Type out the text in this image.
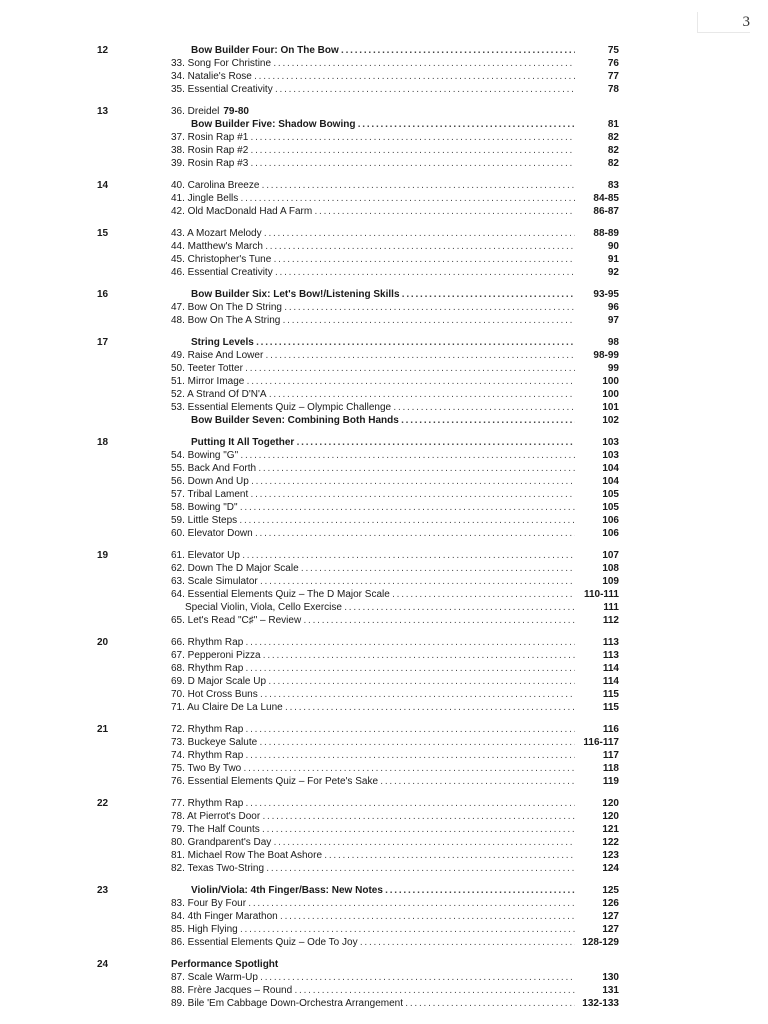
3
12	Bow Builder Four: On The Bow . . .	75
33. Song For Christine . . .	76
34. Natalie's Rose . . .	77
35. Essential Creativity . . .	78
13	36. Dreidel 79-80
Bow Builder Five: Shadow Bowing . . .	81
37. Rosin Rap #1 . . .	82
38. Rosin Rap #2 . . .	82
39. Rosin Rap #3 . . .	82
14	40. Carolina Breeze . . .	83
41. Jingle Bells . . .	84-85
42. Old MacDonald Had A Farm . . .	86-87
15	43. A Mozart Melody . . .	88-89
44. Matthew's March . . .	90
45. Christopher's Tune . . .	91
46. Essential Creativity . . .	92
16	Bow Builder Six: Let's Bow!/Listening Skills . . .	93-95
47. Bow On The D String . . .	96
48. Bow On The A String . . .	97
17	String Levels . . .	98
49. Raise And Lower . . .	98-99
50. Teeter Totter . . .	99
51. Mirror Image . . .	100
52. A Strand Of D'N'A . . .	100
53. Essential Elements Quiz – Olympic Challenge . . .	101
Bow Builder Seven: Combining Both Hands . . .	102
18	Putting It All Together . . .	103
54. Bowing "G" . . .	103
55. Back And Forth . . .	104
56. Down And Up . . .	104
57. Tribal Lament . . .	105
58. Bowing "D" . . .	105
59. Little Steps . . .	106
60. Elevator Down . . .	106
19	61. Elevator Up . . .	107
62. Down The D Major Scale . . .	108
63. Scale Simulator . . .	109
64. Essential Elements Quiz – The D Major Scale . . .	110-111
Special Violin, Viola, Cello Exercise . . .	111
65. Let's Read "C♯" – Review . . .	112
20	66. Rhythm Rap . . .	113
67. Pepperoni Pizza . . .	113
68. Rhythm Rap . . .	114
69. D Major Scale Up . . .	114
70. Hot Cross Buns . . .	115
71. Au Claire De La Lune . . .	115
21	72. Rhythm Rap . . .	116
73. Buckeye Salute . . .	116-117
74. Rhythm Rap . . .	117
75. Two By Two . . .	118
76. Essential Elements Quiz – For Pete's Sake . . .	119
22	77. Rhythm Rap . . .	120
78. At Pierrot's Door . . .	120
79. The Half Counts . . .	121
80. Grandparent's Day . . .	122
81. Michael Row The Boat Ashore . . .	123
82. Texas Two-String . . .	124
23	Violin/Viola: 4th Finger/Bass: New Notes . . .	125
83. Four By Four . . .	126
84. 4th Finger Marathon . . .	127
85. High Flying . . .	127
86. Essential Elements Quiz – Ode To Joy . . .	128-129
24	Performance Spotlight
87. Scale Warm-Up . . .	130
88. Frère Jacques – Round . . .	131
89. Bile 'Em Cabbage Down-Orchestra Arrangement . . .	132-133
